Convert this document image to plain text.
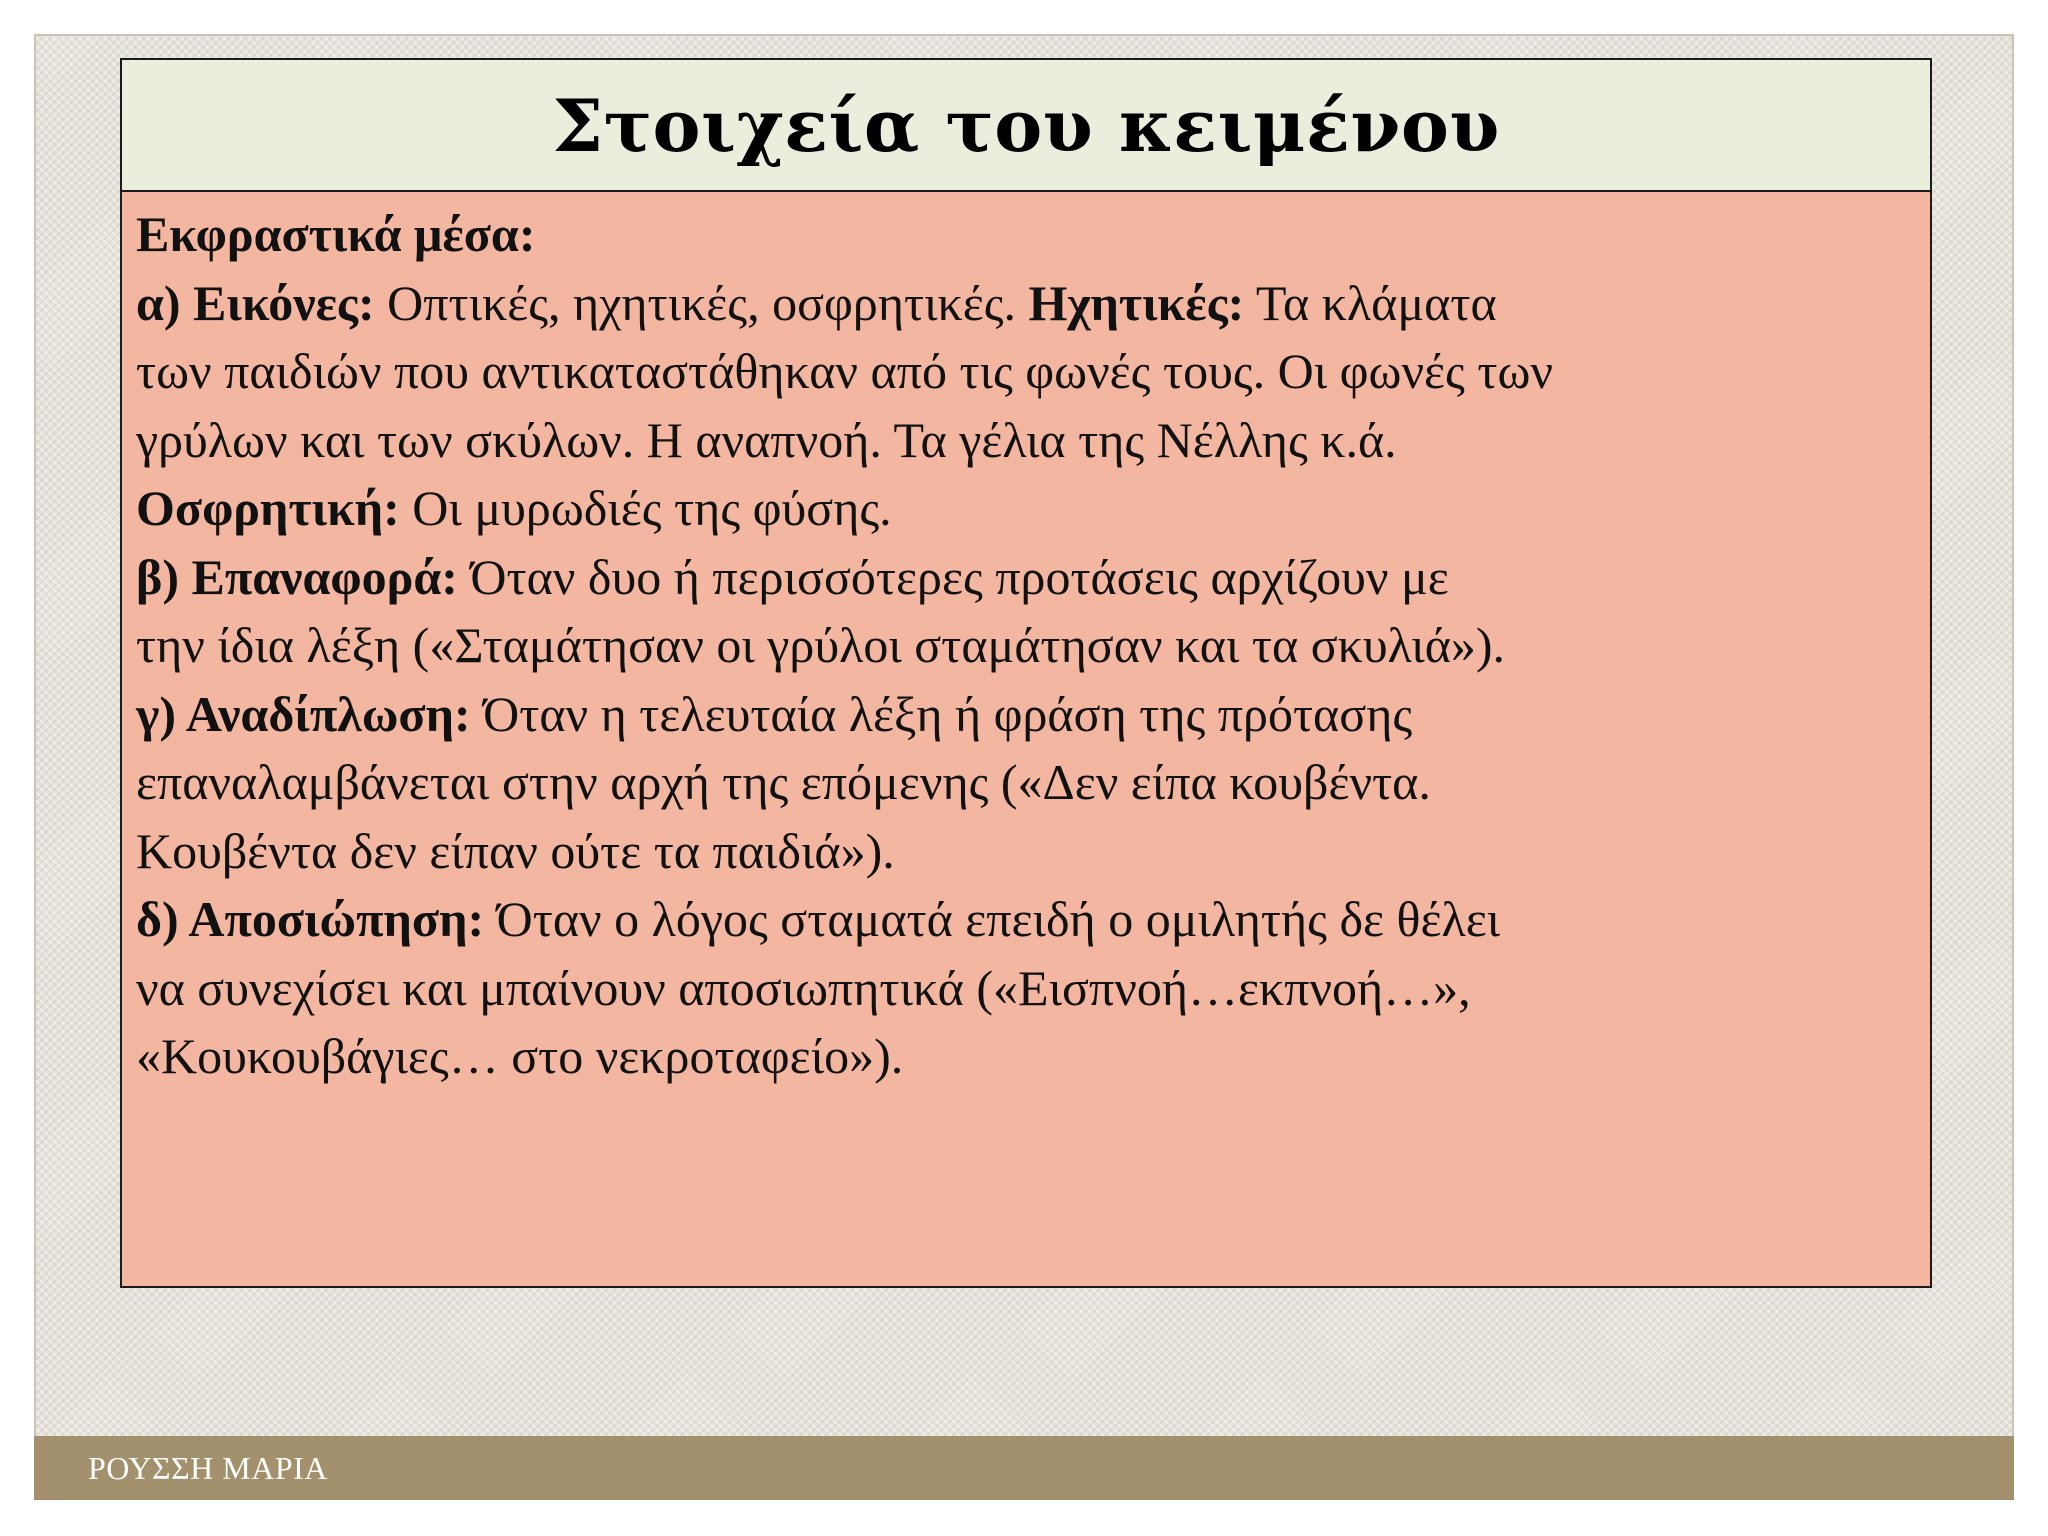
Στοιχεία του κειμένου
Εκφραστικά μέσα:
α) Εικόνες: Οπτικές, ηχητικές, οσφρητικές. Ηχητικές: Τα κλάματα
των παιδιών που αντικαταστάθηκαν από τις φωνές τους. Οι φωνές των
γρύλων και των σκύλων. Η αναπνοή. Τα γέλια της Νέλλης κ.ά.
Οσφρητική: Οι μυρωδιές της φύσης.
β) Επαναφορά: Όταν δυο ή περισσότερες προτάσεις αρχίζουν με
την ίδια λέξη («Σταμάτησαν οι γρύλοι σταμάτησαν και τα σκυλιά»).
γ) Αναδίπλωση: Όταν η τελευταία λέξη ή φράση της πρότασης
επαναλαμβάνεται στην αρχή της επόμενης («Δεν είπα κουβέντα.
Κουβέντα δεν είπαν ούτε τα παιδιά»).
δ) Αποσιώπηση: Όταν ο λόγος σταματά επειδή ο ομιλητής δε θέλει
να συνεχίσει και μπαίνουν αποσιωπητικά («Εισπνοή…εκπνοή…»,
«Κουκουβάγιες… στο νεκροταφείο»).
ΡΟΥΣΣΗ ΜΑΡΙΑ
